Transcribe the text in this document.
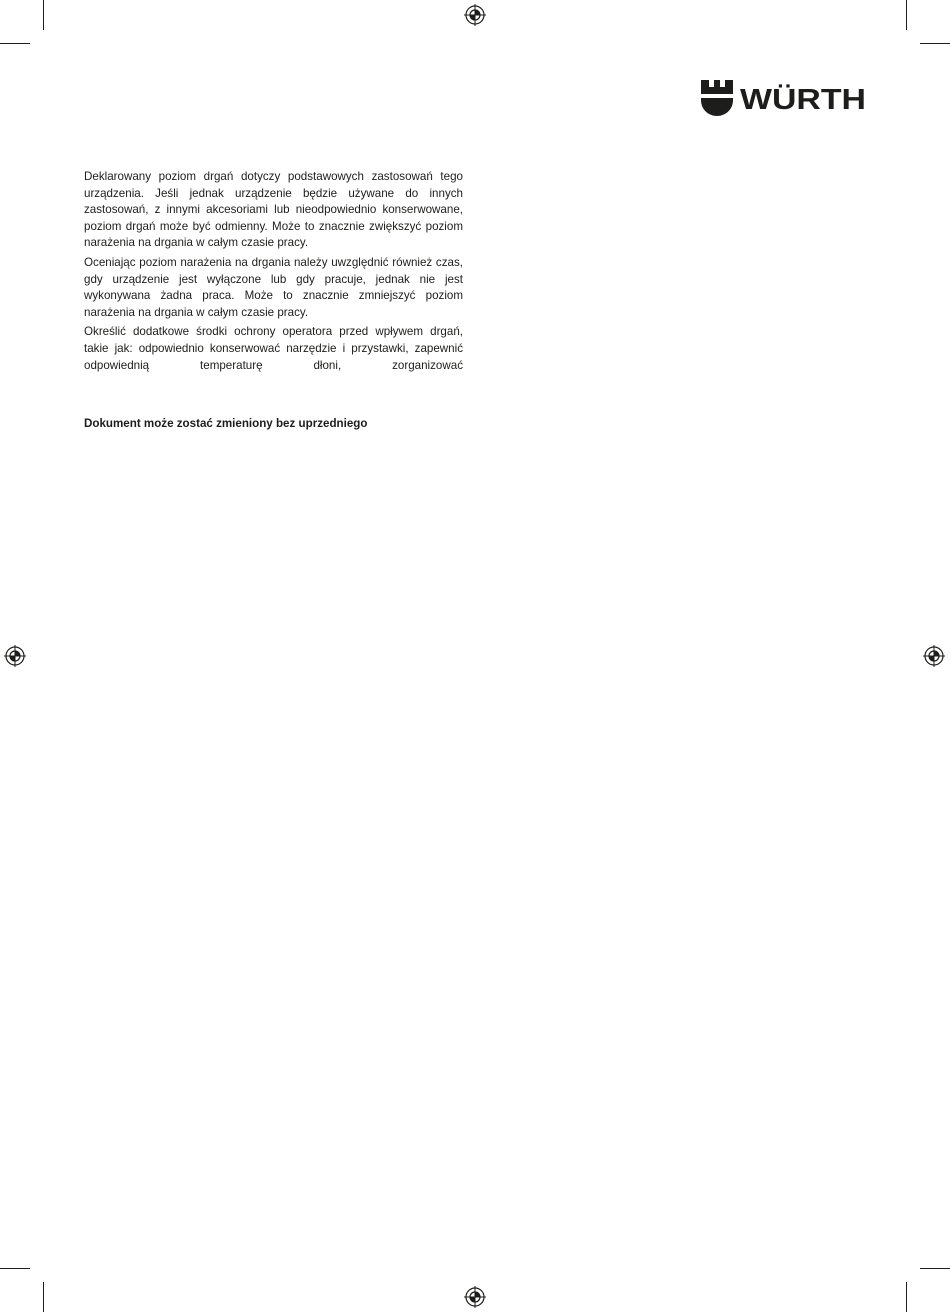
WÜRTH

Deklarowany poziom drgań dotyczy podstawowych zastosowań tego urządzenia. Jeśli jednak urządzenie będzie używane do innych zastosowań, z innymi akcesoriami lub nieodpowiednio konserwowane, poziom drgań może być odmienny. Może to znacznie zwiększyć poziom narażenia na drgania w całym czasie pracy.

Oceniając poziom narażenia na drgania należy uwzględnić również czas, gdy urządzenie jest wyłączone lub gdy pracuje, jednak nie jest wykonywana żadna praca. Może to znacznie zmniejszyć poziom narażenia na drgania w całym czasie pracy.

Określić dodatkowe środki ochrony operatora przed wpływem drgań, takie jak: odpowiednio konserwować narzędzie i przystawki, zapewnić odpowiednią temperaturę dłoni, zorganizować

Dokument może zostać zmieniony bez uprzedniego
